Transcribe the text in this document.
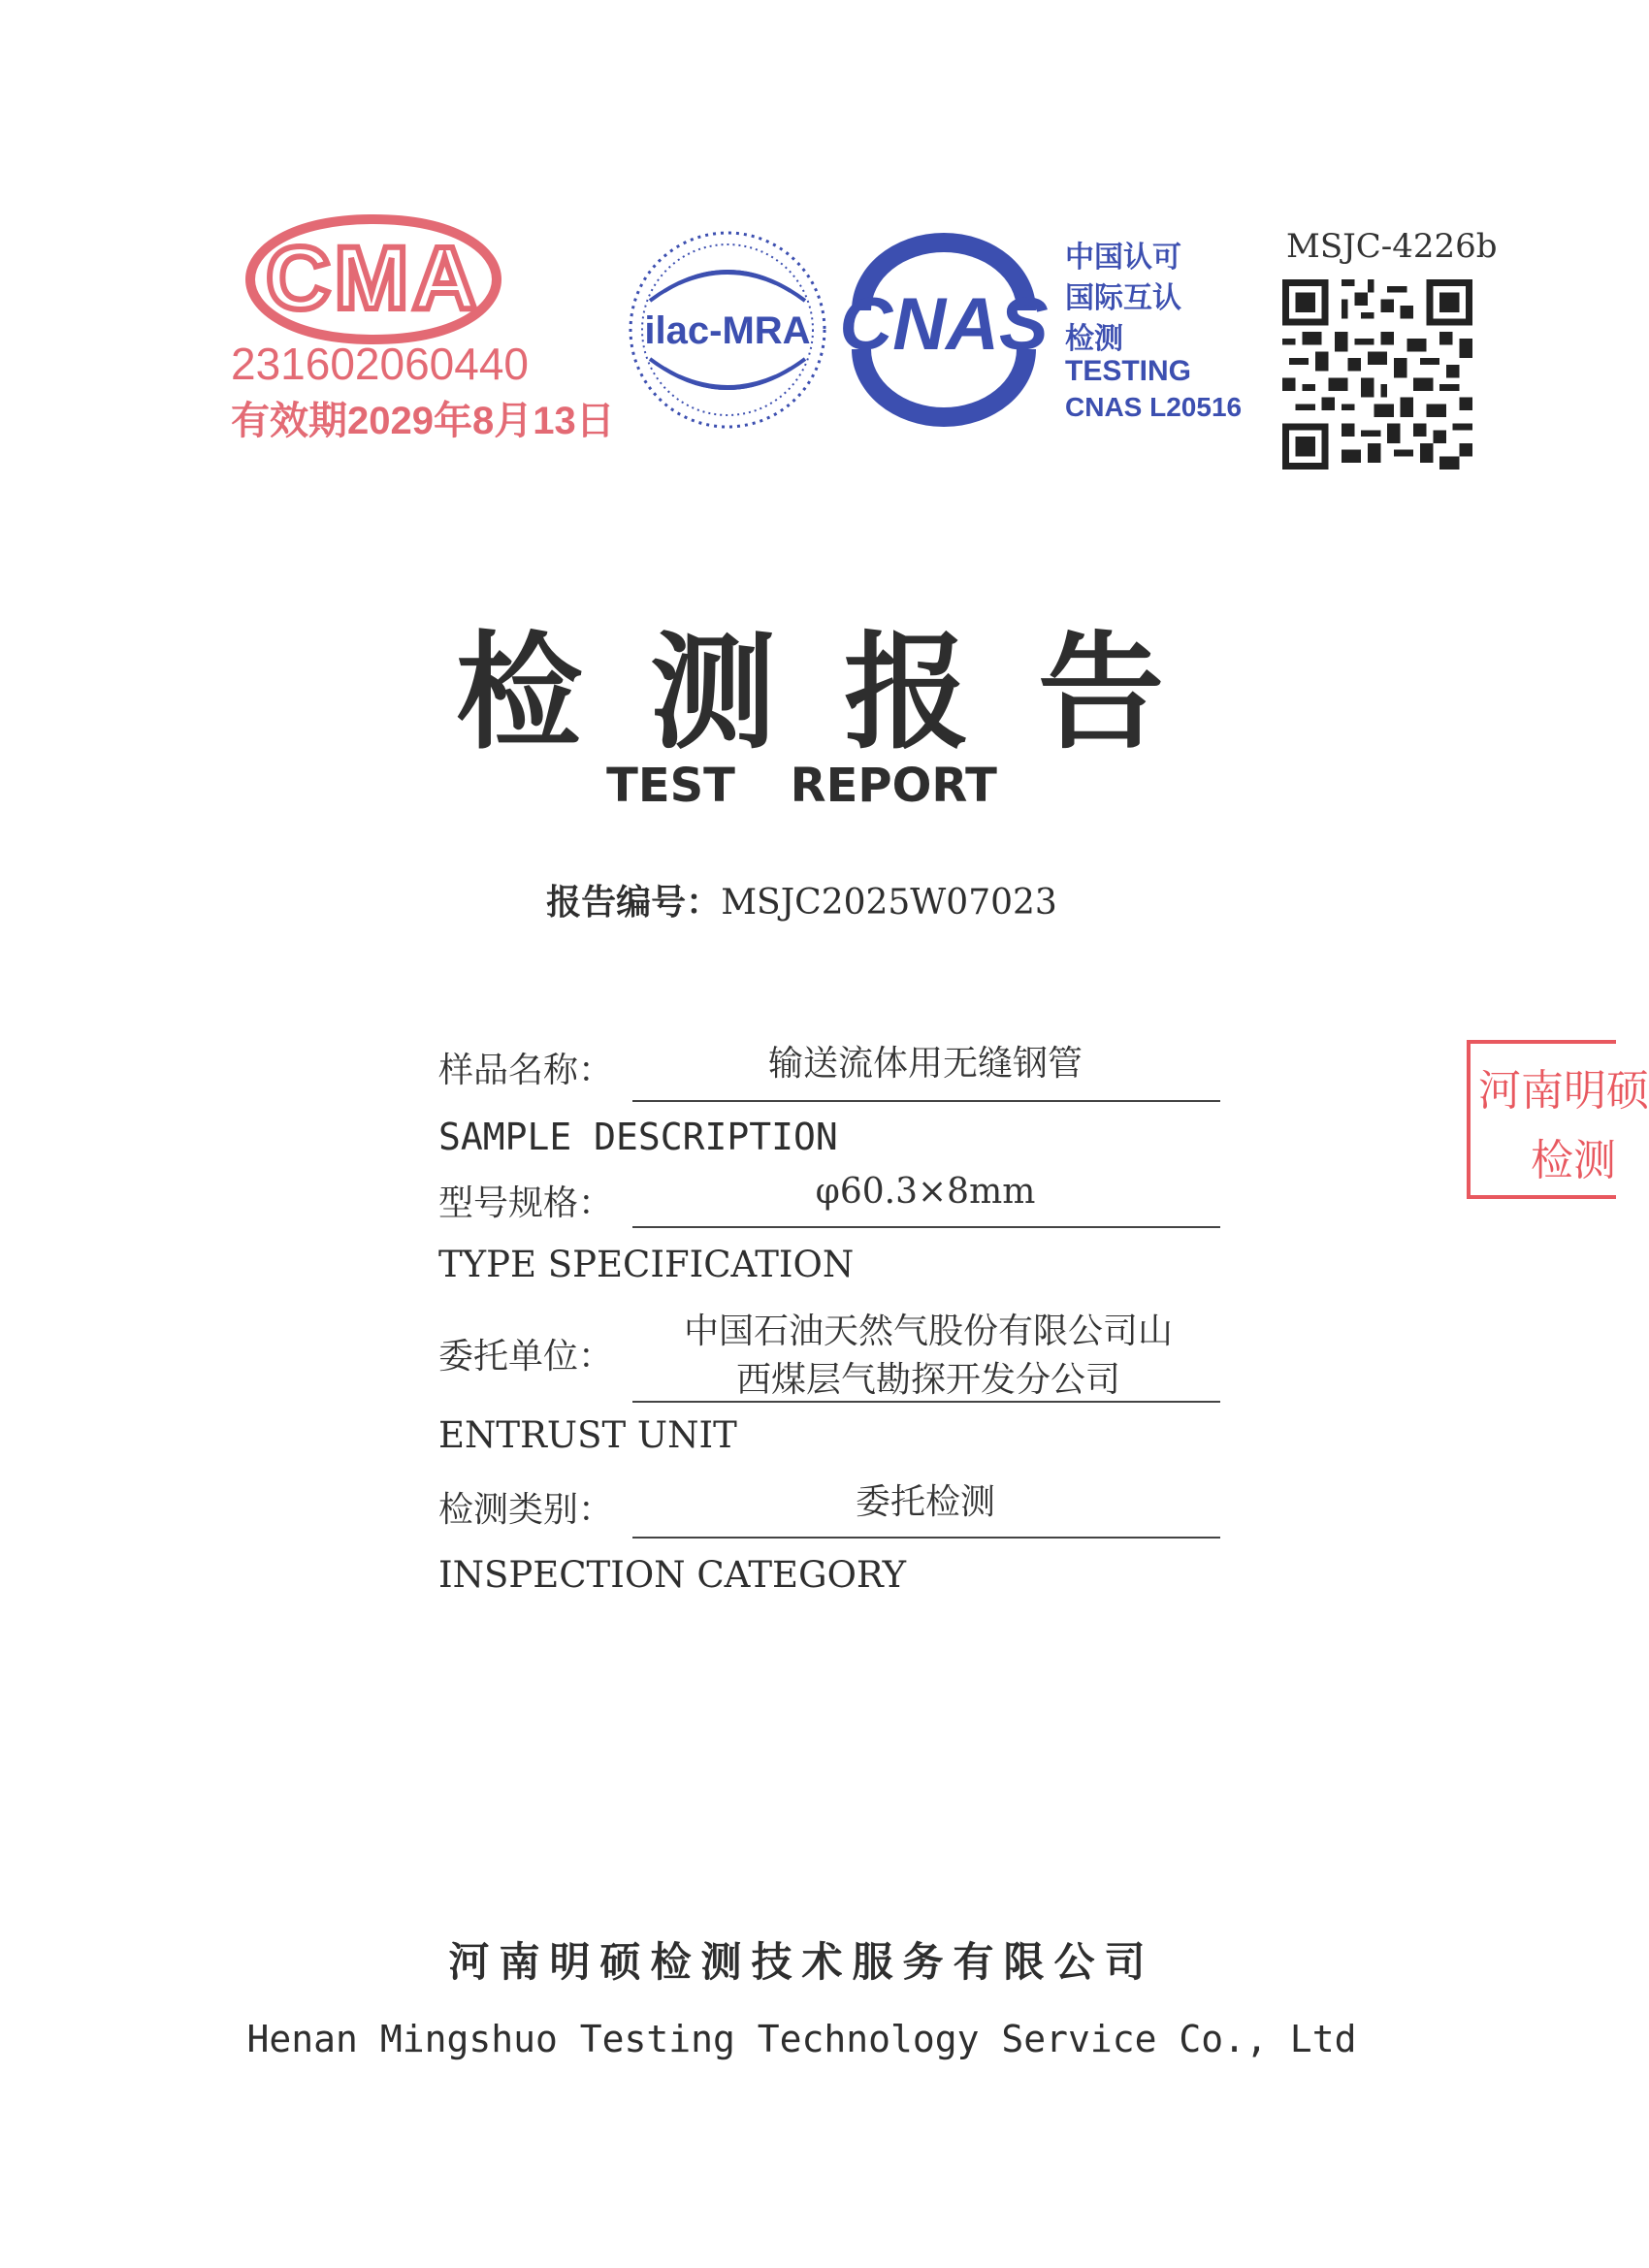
CMA
231602060440
有效期2029年8月13日
ilac-MRA CNAS
中国认可
国际互认
检测
TESTING
CNAS L20516
MSJC-4226b
检测报告
TEST REPORT
报告编号：MSJC2025W07023
样品名称：	输送流体用无缝钢管
SAMPLE DESCRIPTION
型号规格：	φ60.3×8mm
TYPE SPECIFICATION
委托单位：
中国石油天然气股份有限公司山
西煤层气勘探开发分公司
ENTRUST UNIT
检测类别：	委托检测
INSPECTION CATEGORY
河南明硕
检测
河南明硕检测技术服务有限公司
Henan Mingshuo Testing Technology Service Co., Ltd
